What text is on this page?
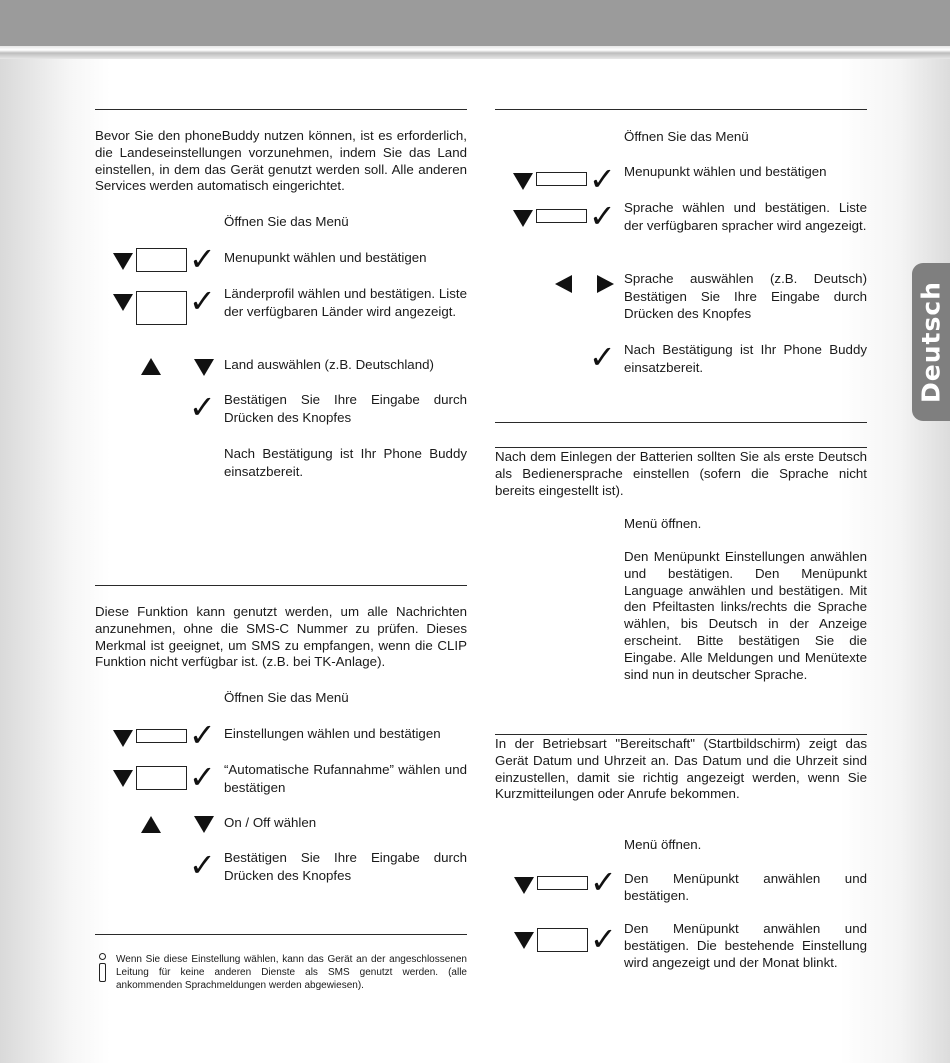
Deutsch

Bevor Sie den phoneBuddy nutzen können, ist es erforderlich, die Landeseinstellungen vorzunehmen, indem Sie das Land einstellen, in dem das Gerät genutzt werden soll. Alle anderen Services werden automatisch eingerichtet.

Öffnen Sie das Menü

✓ Menupunkt wählen und bestätigen

✓ Länderprofil wählen und bestätigen. Liste der verfügbaren Länder wird angezeigt.

Land auswählen (z.B. Deutschland)

✓ Bestätigen Sie Ihre Eingabe durch Drücken des Knopfes

Nach Bestätigung ist Ihr Phone Buddy einsatzbereit.

Diese Funktion kann genutzt werden, um alle Nachrichten anzunehmen, ohne die SMS-C Nummer zu prüfen. Dieses Merkmal ist geeignet, um SMS zu empfangen, wenn die CLIP Funktion nicht verfügbar ist. (z.B. bei TK-Anlage).

Öffnen Sie das Menü

✓ Einstellungen wählen und bestätigen

✓ “Automatische Rufannahme” wählen und bestätigen

On / Off wählen

✓ Bestätigen Sie Ihre Eingabe durch Drücken des Knopfes

Wenn Sie diese Einstellung wählen, kann das Gerät an der angeschlossenen Leitung für keine anderen Dienste als SMS genutzt werden. (alle ankommenden Sprachmeldungen werden abgewiesen).

Öffnen Sie das Menü

✓ Menupunkt wählen und bestätigen

✓ Sprache wählen und bestätigen. Liste der verfügbaren spracher wird angezeigt.

Sprache auswählen (z.B. Deutsch) Bestätigen Sie Ihre Eingabe durch Drücken des Knopfes

✓ Nach Bestätigung ist Ihr Phone Buddy einsatzbereit.

Nach dem Einlegen der Batterien sollten Sie als erste Deutsch als Bedienersprache einstellen (sofern die Sprache nicht bereits eingestellt ist).

Menü öffnen.

Den Menüpunkt Einstellungen anwählen und bestätigen. Den Menüpunkt Language anwählen und bestätigen. Mit den Pfeiltasten links/rechts die Sprache wählen, bis Deutsch in der Anzeige erscheint. Bitte bestätigen Sie die Eingabe. Alle Meldungen und Menütexte sind nun in deutscher Sprache.

In der Betriebsart "Bereitschaft" (Startbildschirm) zeigt das Gerät Datum und Uhrzeit an. Das Datum und die Uhrzeit sind einzustellen, damit sie richtig angezeigt werden, wenn Sie Kurzmitteilungen oder Anrufe bekommen.

Menü öffnen.

✓ Den Menüpunkt anwählen und bestätigen.

✓ Den Menüpunkt anwählen und bestätigen. Die bestehende Einstellung wird angezeigt und der Monat blinkt.
